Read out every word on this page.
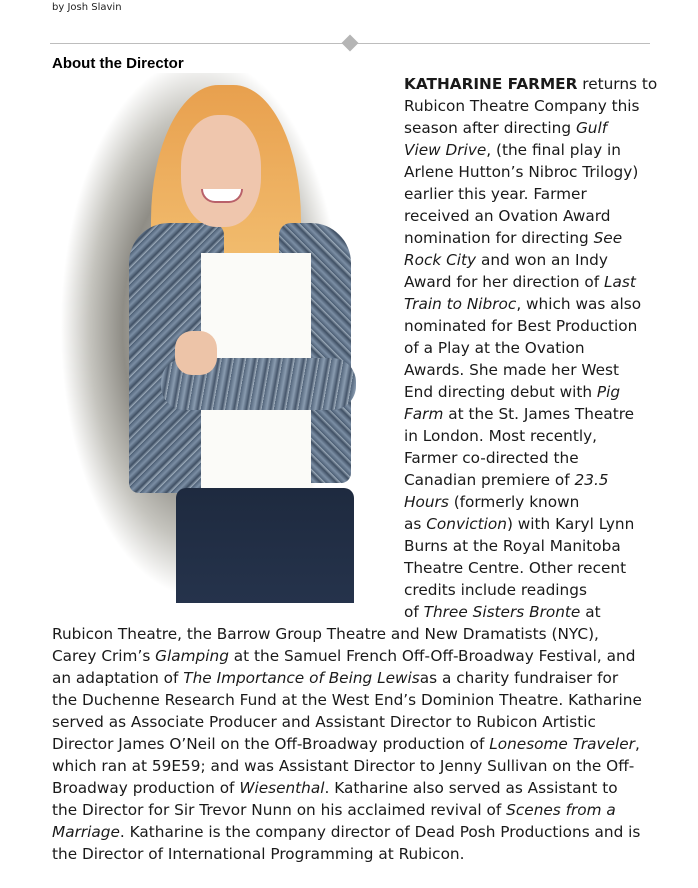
by Josh Slavin
About the Director
KATHARINE FARMER returns to
Rubicon Theatre Company this
season after directing Gulf
View Drive, (the final play in
Arlene Hutton’s Nibroc Trilogy)
earlier this year. Farmer
received an Ovation Award
nomination for directing See
Rock City and won an Indy
Award for her direction of Last
Train to Nibroc, which was also
nominated for Best Production
of a Play at the Ovation
Awards. She made her West
End directing debut with Pig
Farm at the St. James Theatre
in London. Most recently,
Farmer co-directed the
Canadian premiere of 23.5
Hours (formerly known
as Conviction) with Karyl Lynn
Burns at the Royal Manitoba
Theatre Centre. Other recent
credits include readings
of Three Sisters Bronte at
Rubicon Theatre, the Barrow Group Theatre and New Dramatists (NYC),
Carey Crim’s Glamping at the Samuel French Off-Off-Broadway Festival, and
an adaptation of The Importance of Being Lewisas a charity fundraiser for
the Duchenne Research Fund at the West End’s Dominion Theatre. Katharine
served as Associate Producer and Assistant Director to Rubicon Artistic
Director James O’Neil on the Off-Broadway production of Lonesome Traveler,
which ran at 59E59; and was Assistant Director to Jenny Sullivan on the Off-
Broadway production of Wiesenthal. Katharine also served as Assistant to
the Director for Sir Trevor Nunn on his acclaimed revival of Scenes from a
Marriage. Katharine is the company director of Dead Posh Productions and is
the Director of International Programming at Rubicon.
